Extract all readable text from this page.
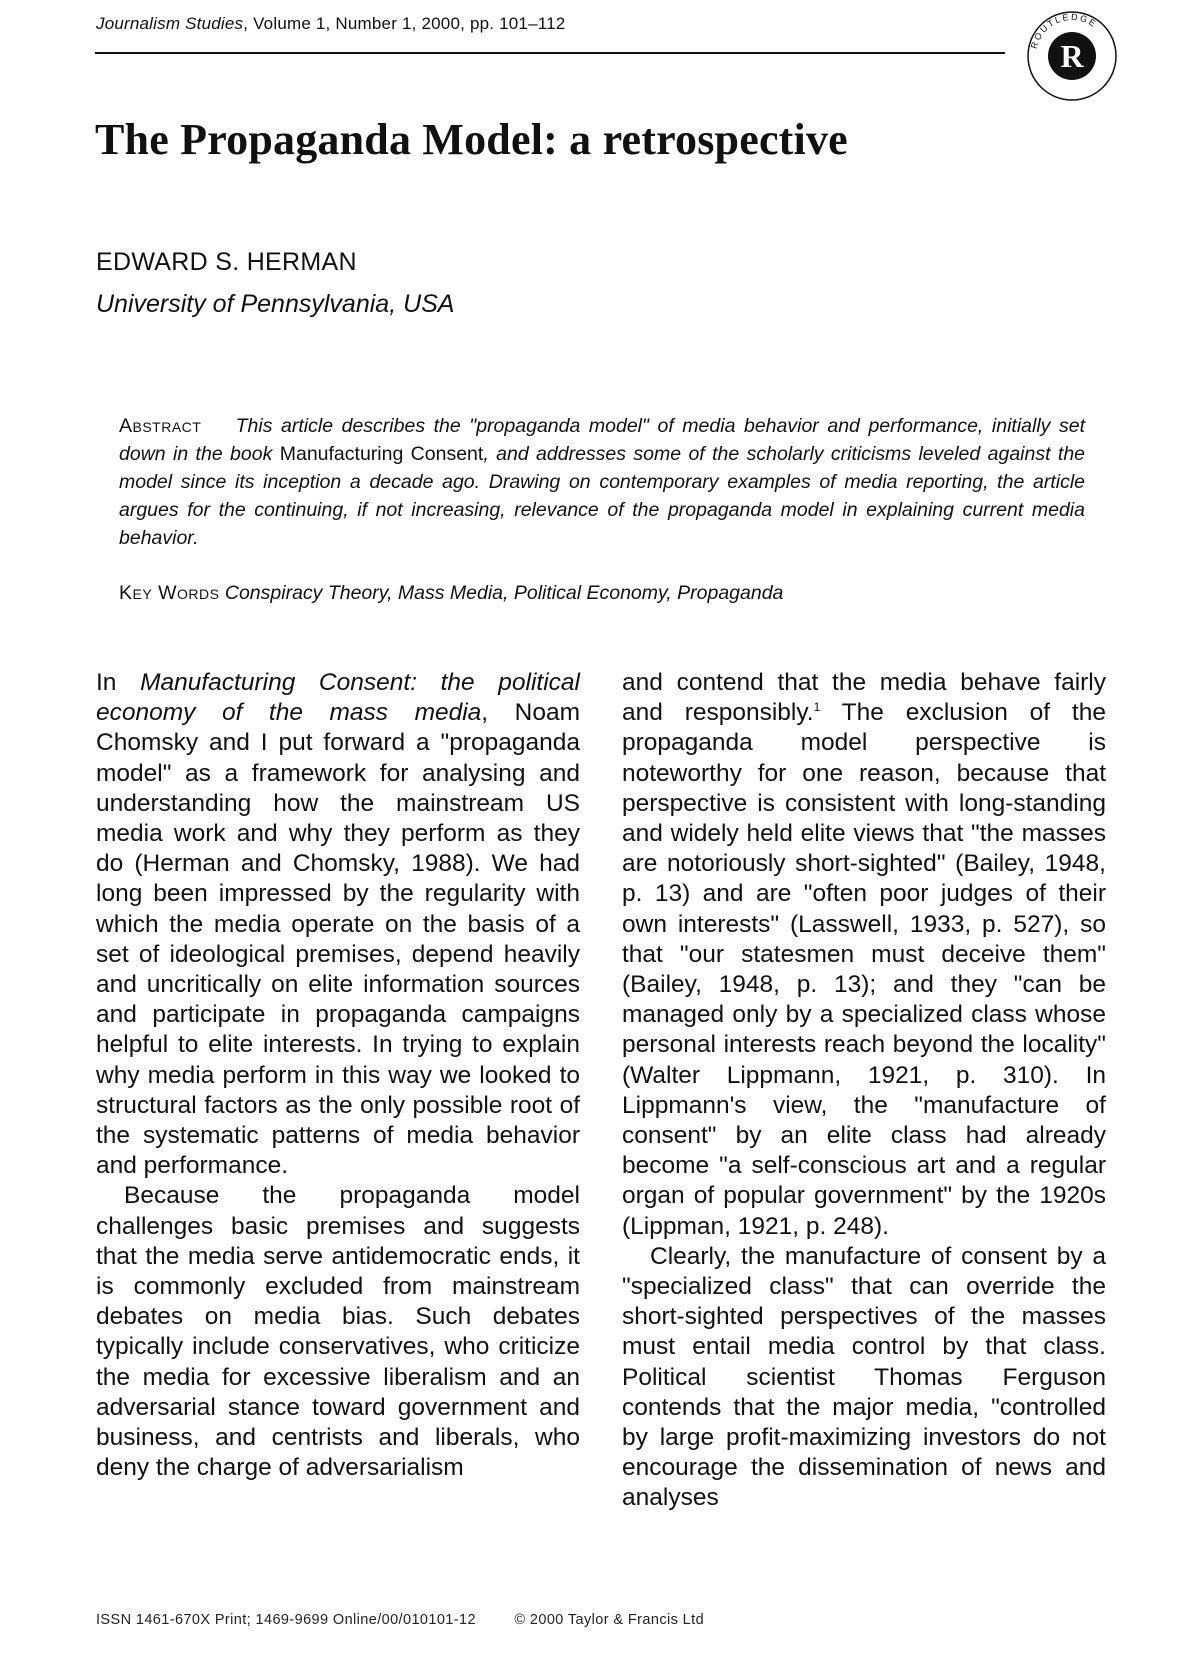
Journalism Studies, Volume 1, Number 1, 2000, pp. 101–112
R
ROUTLEDGE
The Propaganda Model: a retrospective
EDWARD S. HERMAN
University of Pennsylvania, USA

Abstract This article describes the "propaganda model" of media behavior and performance, initially set down in the book Manufacturing Consent, and addresses some of the scholarly criticisms leveled against the model since its inception a decade ago. Drawing on contemporary examples of media reporting, the article argues for the continuing, if not increasing, relevance of the propaganda model in explaining current media behavior.

Key Words Conspiracy Theory, Mass Media, Political Economy, Propaganda

In Manufacturing Consent: the political economy of the mass media, Noam Chomsky and I put forward a "propaganda model" as a framework for analysing and understanding how the mainstream US media work and why they perform as they do (Herman and Chomsky, 1988). We had long been impressed by the regularity with which the media operate on the basis of a set of ideological premises, depend heavily and uncritically on elite information sources and participate in propaganda campaigns helpful to elite interests. In trying to explain why media perform in this way we looked to structural factors as the only possible root of the systematic patterns of media behavior and performance.

Because the propaganda model challenges basic premises and suggests that the media serve antidemocratic ends, it is commonly excluded from mainstream debates on media bias. Such debates typically include conservatives, who criticize the media for excessive liberalism and an adversarial stance toward government and business, and centrists and liberals, who deny the charge of adversarialism

and contend that the media behave fairly and responsibly.$^1$ The exclusion of the propaganda model perspective is noteworthy for one reason, because that perspective is consistent with long-standing and widely held elite views that "the masses are notoriously short-sighted" (Bailey, 1948, p. 13) and are "often poor judges of their own interests" (Lasswell, 1933, p. 527), so that "our statesmen must deceive them" (Bailey, 1948, p. 13); and they "can be managed only by a specialized class whose personal interests reach beyond the locality" (Walter Lippmann, 1921, p. 310). In Lippmann's view, the "manufacture of consent" by an elite class had already become "a self-conscious art and a regular organ of popular government" by the 1920s (Lippman, 1921, p. 248).

Clearly, the manufacture of consent by a "specialized class" that can override the short-sighted perspectives of the masses must entail media control by that class. Political scientist Thomas Ferguson contends that the major media, "controlled by large profit-maximizing investors do not encourage the dissemination of news and analyses

ISSN 1461-670X Print; 1469-9699 Online/00/010101-12	© 2000 Taylor & Francis Ltd
